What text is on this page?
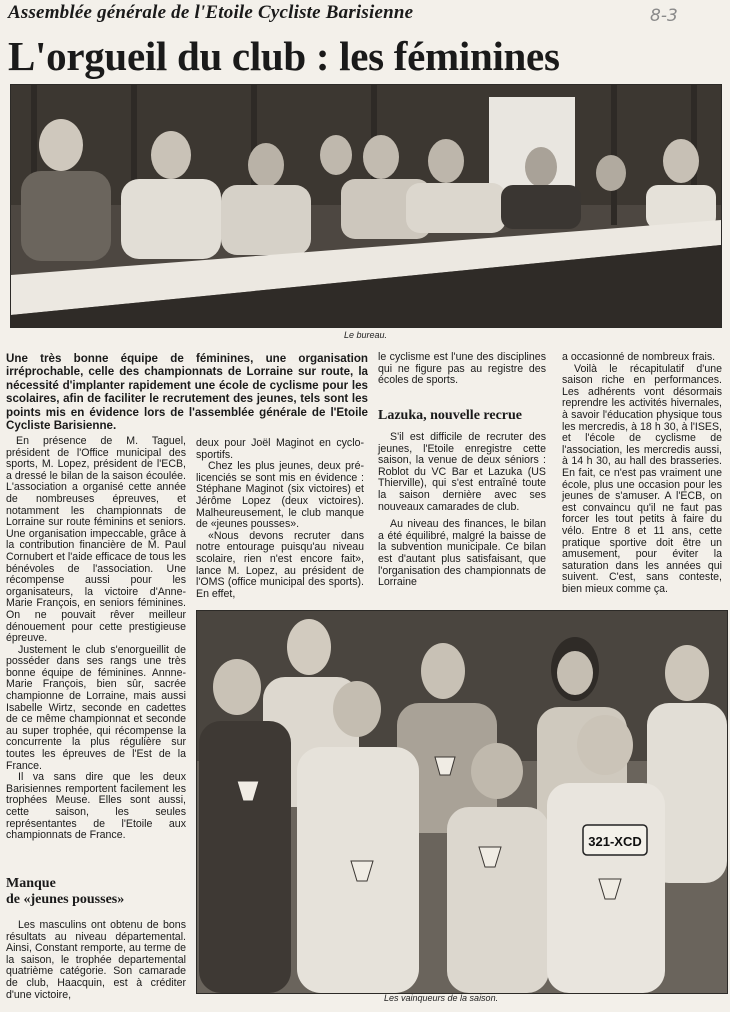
Assemblée générale de l'Etoile Cycliste Barisienne	8-3
L'orgueil du club : les féminines
Le bureau.
Une très bonne équipe de féminines, une organisation irréprochable, celle des championnats de Lorraine sur route, la nécessité d'implanter rapidement une école de cyclisme pour les scolaires, afin de faciliter le recrutement des jeunes, tels sont les points mis en évidence lors de l'assemblée générale de l'Etoile Cycliste Barisienne.

En présence de M. Taguel, président de l'Office municipal des sports, M. Lopez, président de l'ECB, a dressé le bilan de la saison écoulée. L'association a organisé cette année de nombreuses épreuves, et notamment les championnats de Lorraine sur route féminins et seniors. Une organisation impeccable, grâce à la contribution financière de M. Paul Cornubert et l'aide efficace de tous les bénévoles de l'association. Une récompense aussi pour les organisateurs, la victoire d'Anne-Marie François, en seniors féminines. On ne pouvait rêver meilleur dénouement pour cette prestigieuse épreuve.

Justement le club s'enorgueillit de posséder dans ses rangs une très bonne équipe de féminines. Annne-Marie François, bien sûr, sacrée championne de Lorraine, mais aussi Isabelle Wirtz, seconde en cadettes de ce même championnat et seconde au super trophée, qui récompense la concurrente la plus régulière sur toutes les épreuves de l'Est de la France.

Il va sans dire que les deux Barisiennes remportent facilement les trophées Meuse. Elles sont aussi, cette saison, les seules représentantes de l'Etoile aux championnats de France.

Manque
de «jeunes pousses»

Les masculins ont obtenu de bons résultats au niveau départemental. Ainsi, Constant remporte, au terme de la saison, le trophée departemental quatrième catégorie. Son camarade de club, Haacquin, est à créditer d'une victoire,

deux pour Joël Maginot en cyclo-sportifs.

Chez les plus jeunes, deux pré-licenciés se sont mis en évidence : Stéphane Maginot (six victoires) et Jérôme Lopez (deux victoires). Malheureusement, le club manque de «jeunes pousses».

«Nous devons recruter dans notre entourage puisqu'au niveau scolaire, rien n'est encore fait», lance M. Lopez, au président de l'OMS (office municipal des sports). En effet,

le cyclisme est l'une des disciplines qui ne figure pas au registre des écoles de sports.

Lazuka, nouvelle recrue

S'il est difficile de recruter des jeunes, l'Etoile enregistre cette saison, la venue de deux séniors : Roblot du VC Bar et Lazuka (US Thierville), qui s'est entraîné toute la saison dernière avec ses nouveaux camarades de club.

Au niveau des finances, le bilan a été équilibré, malgré la baisse de la subvention municipale. Ce bilan est d'autant plus satisfaisant, que l'organisation des championnats de Lorraine

a occasionné de nombreux frais.

Voilà le récapitulatif d'une saison riche en performances. Les adhérents vont désormais reprendre les activités hivernales, à savoir l'éducation physique tous les mercredis, à 18 h 30, à l'ISES, et l'école de cyclisme de l'association, les mercredis aussi, à 14 h 30, au hall des brasseries. En fait, ce n'est pas vraiment une école, plus une occasion pour les jeunes de s'amuser. A l'ECB, on est convaincu qu'il ne faut pas forcer les tout petits à faire du vélo. Entre 8 et 11 ans, cette pratique sportive doit être un amusement, pour éviter la saturation dans les années qui suivent. C'est, sans conteste, bien mieux comme ça.

321-XCD
Les vainqueurs de la saison.
